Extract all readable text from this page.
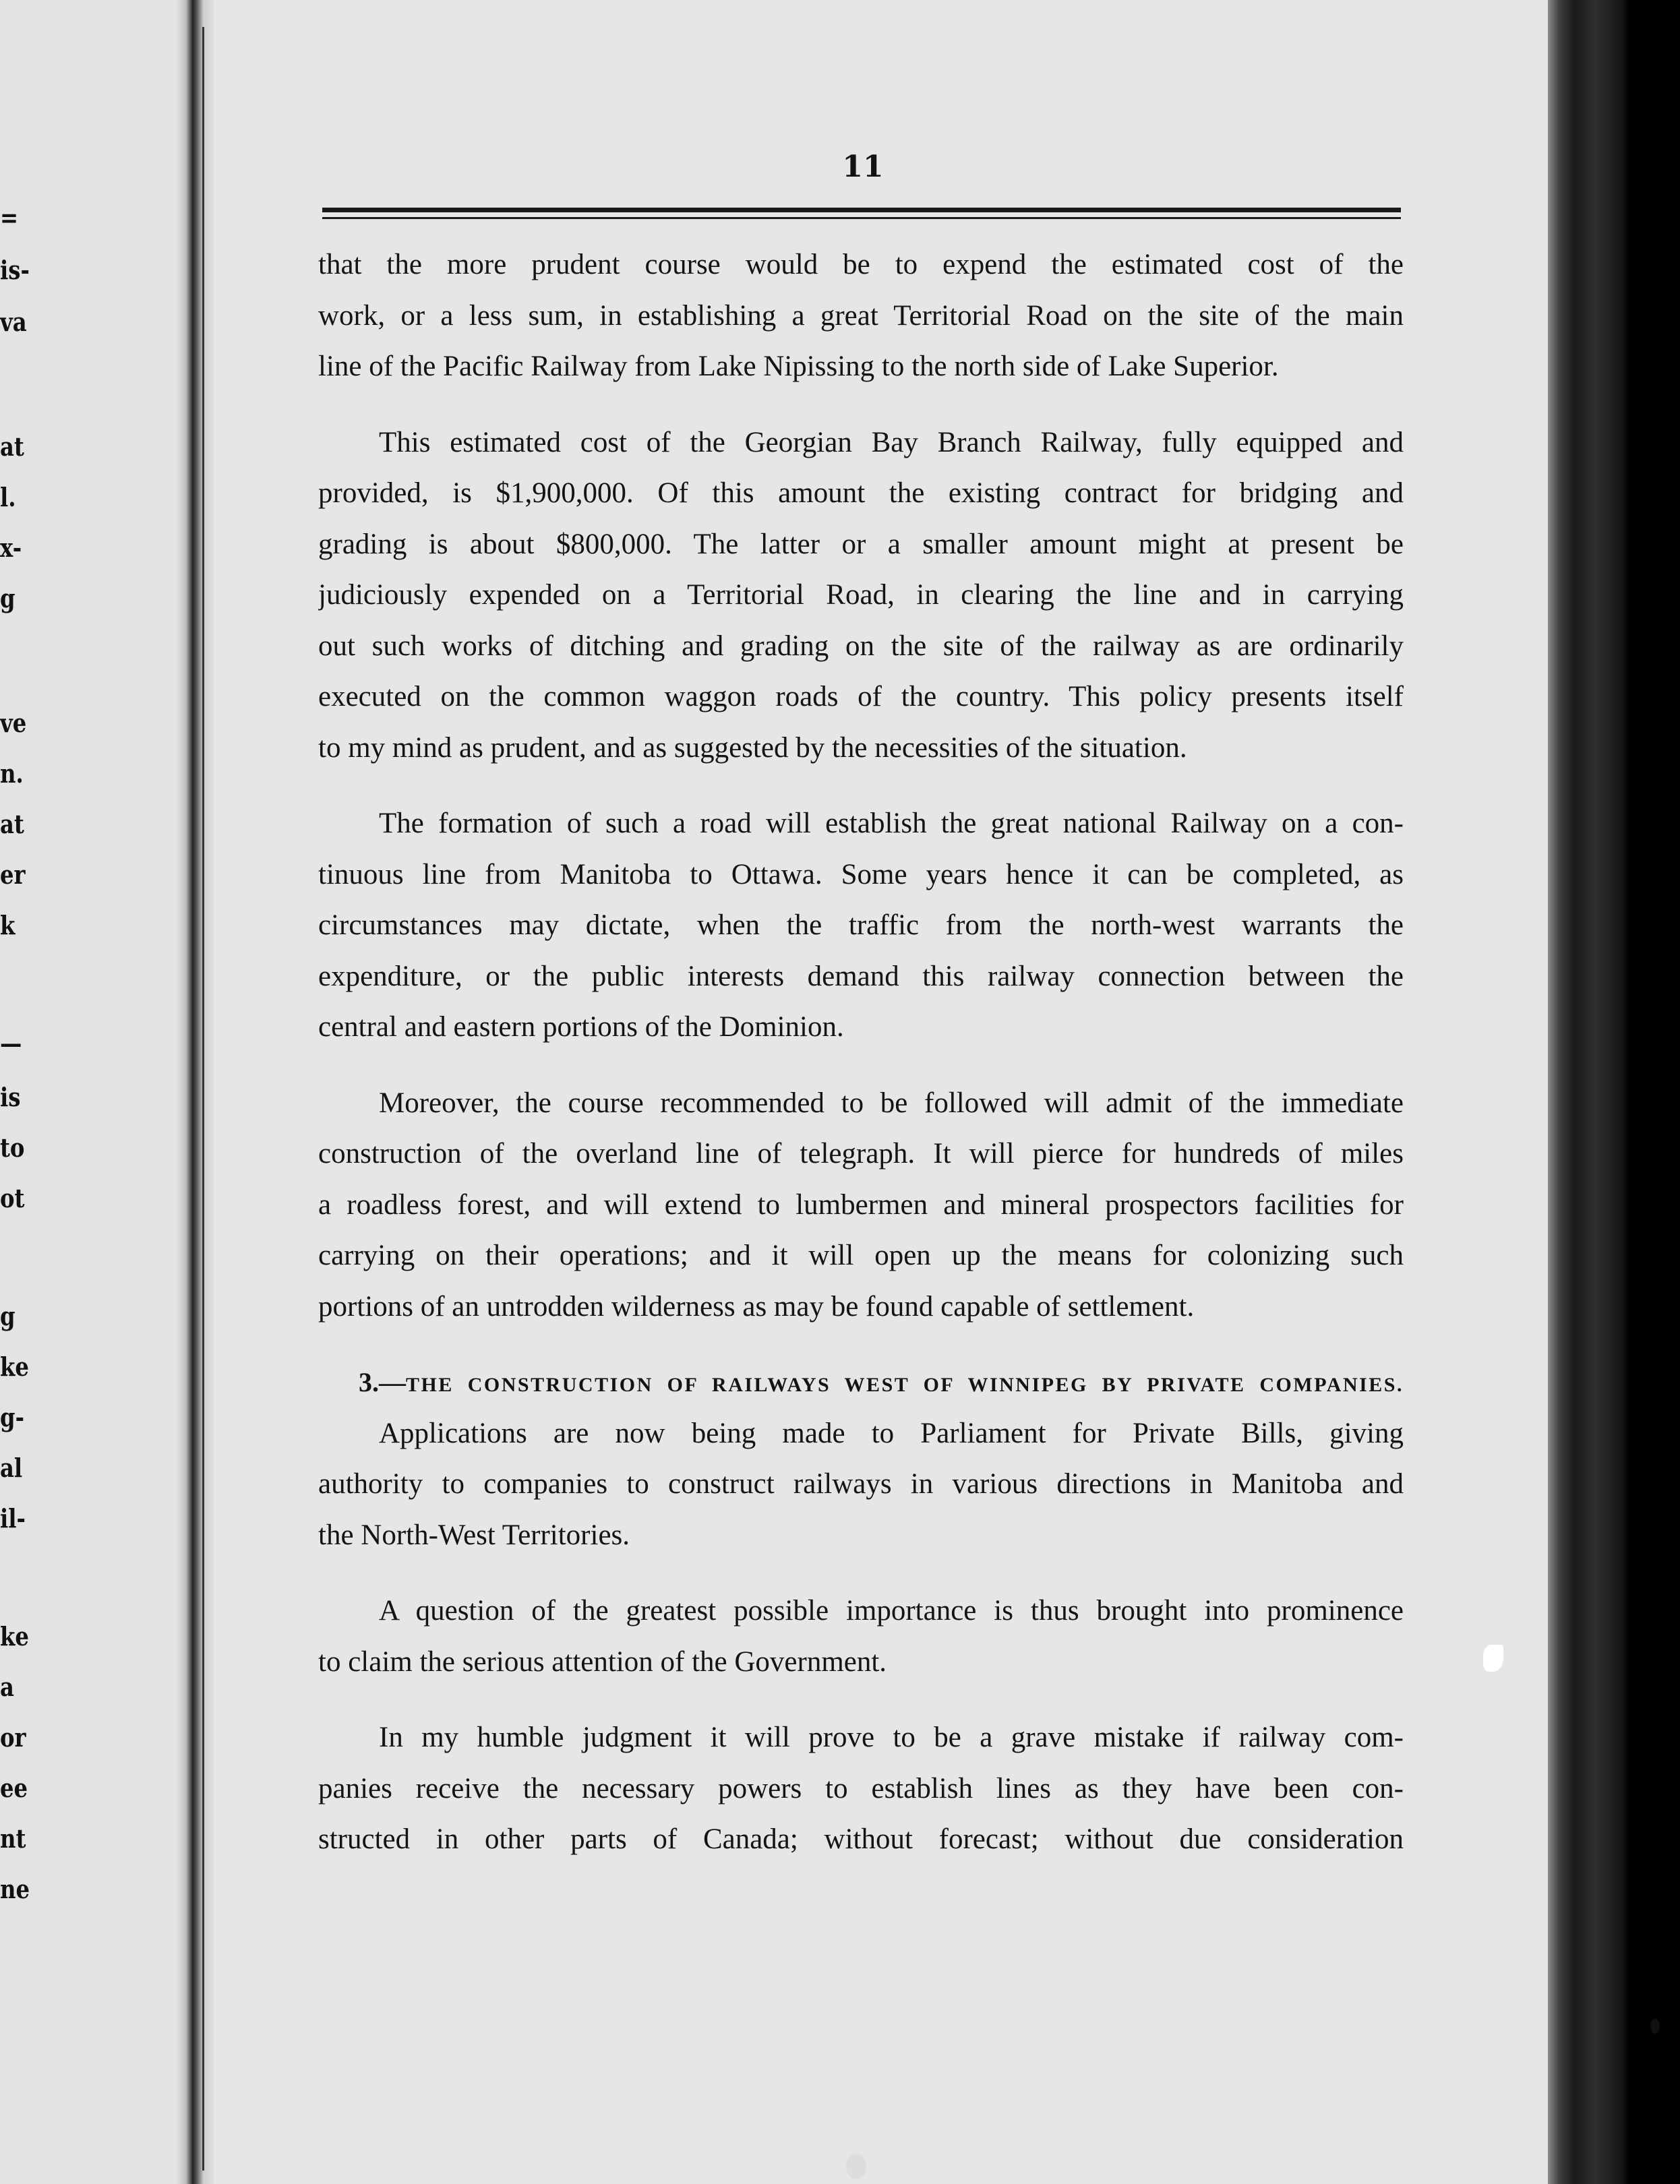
=
is-
va
at
l.
x-
g
ve
n.
at
er
k
—
is
to
ot
g
ke
g-
al
il-
ke
a
or
ee
nt
ne
11

that the more prudent course would be to expend the estimated cost of the
work, or a less sum, in establishing a great Territorial Road on the site of the main
line of the Pacific Railway from Lake Nipissing to the north side of Lake Superior.

This estimated cost of the Georgian Bay Branch Railway, fully equipped and
provided, is $1,900,000. Of this amount the existing contract for bridging and
grading is about $800,000. The latter or a smaller amount might at present be
judiciously expended on a Territorial Road, in clearing the line and in carrying
out such works of ditching and grading on the site of the railway as are ordinarily
executed on the common waggon roads of the country. This policy presents itself
to my mind as prudent, and as suggested by the necessities of the situation.

The formation of such a road will establish the great national Railway on a con-
tinuous line from Manitoba to Ottawa. Some years hence it can be completed, as
circumstances may dictate, when the traffic from the north-west warrants the
expenditure, or the public interests demand this railway connection between the
central and eastern portions of the Dominion.

Moreover, the course recommended to be followed will admit of the immediate
construction of the overland line of telegraph. It will pierce for hundreds of miles
a roadless forest, and will extend to lumbermen and mineral prospectors facilities for
carrying on their operations; and it will open up the means for colonizing such
portions of an untrodden wilderness as may be found capable of settlement.

3.—THE CONSTRUCTION OF RAILWAYS WEST OF WINNIPEG BY PRIVATE COMPANIES.

Applications are now being made to Parliament for Private Bills, giving
authority to companies to construct railways in various directions in Manitoba and
the North-West Territories.

A question of the greatest possible importance is thus brought into prominence
to claim the serious attention of the Government.

In my humble judgment it will prove to be a grave mistake if railway com-
panies receive the necessary powers to establish lines as they have been con-
structed in other parts of Canada; without forecast; without due consideration
